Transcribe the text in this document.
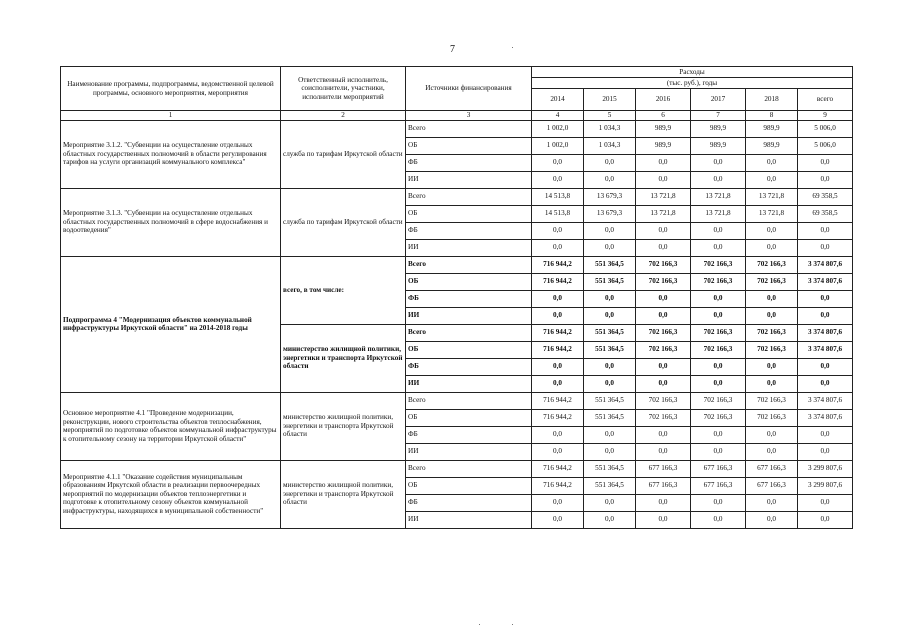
7
Наименование программы, подпрограммы, ведомственной целевой программы, основного мероприятия, мероприятия	Ответственный исполнитель, соисполнители, участники, исполнители мероприятий	Источники финансирования	Расходы					
			(тыс. руб.), годы					
			2014	2015	2016	2017	2018	всего
1	2	3	4	5	6	7	8	9
Мероприятие 3.1.2. "Субвенции на осуществление отдельных областных государственных полномочий в области регулирования тарифов на услуги организаций коммунального комплекса"	служба по тарифам Иркутской области	Всего	1 002,0	1 034,3	989,9	989,9	989,9	5 006,0
		ОБ	1 002,0	1 034,3	989,9	989,9	989,9	5 006,0
		ФБ	0,0	0,0	0,0	0,0	0,0	0,0
		ИИ	0,0	0,0	0,0	0,0	0,0	0,0
Мероприятие 3.1.3. "Субвенции на осуществление отдельных областных государственных полномочий в сфере водоснабжения и водоотведения"	служба по тарифам Иркутской области	Всего	14 513,8	13 679,3	13 721,8	13 721,8	13 721,8	69 358,5
		ОБ	14 513,8	13 679,3	13 721,8	13 721,8	13 721,8	69 358,5
		ФБ	0,0	0,0	0,0	0,0	0,0	0,0
		ИИ	0,0	0,0	0,0	0,0	0,0	0,0
Подпрограмма 4 "Модернизация объектов коммунальной инфраструктуры Иркутской области" на 2014-2018 годы	всего, в том числе:	Всего	716 944,2	551 364,5	702 166,3	702 166,3	702 166,3	3 374 807,6
		ОБ	716 944,2	551 364,5	702 166,3	702 166,3	702 166,3	3 374 807,6
		ФБ	0,0	0,0	0,0	0,0	0,0	0,0
		ИИ	0,0	0,0	0,0	0,0	0,0	0,0
	министерство жилищной политики, энергетики и транспорта Иркутской области	Всего	716 944,2	551 364,5	702 166,3	702 166,3	702 166,3	3 374 807,6
		ОБ	716 944,2	551 364,5	702 166,3	702 166,3	702 166,3	3 374 807,6
		ФБ	0,0	0,0	0,0	0,0	0,0	0,0
		ИИ	0,0	0,0	0,0	0,0	0,0	0,0
Основное мероприятие 4.1 "Проведение модернизации, реконструкции, нового строительства объектов теплоснабжения, мероприятий по подготовке объектов коммунальной инфраструктуры к отопительному сезону на территории Иркутской области"	министерство жилищной политики, энергетики и транспорта Иркутской области	Всего	716 944,2	551 364,5	702 166,3	702 166,3	702 166,3	3 374 807,6
		ОБ	716 944,2	551 364,5	702 166,3	702 166,3	702 166,3	3 374 807,6
		ФБ	0,0	0,0	0,0	0,0	0,0	0,0
		ИИ	0,0	0,0	0,0	0,0	0,0	0,0
Мероприятие 4.1.1 "Оказание содействия муниципальным образованиям Иркутской области в реализации первоочередных мероприятий по модернизации объектов теплоэнергетики и подготовке к отопительному сезону объектов коммунальной инфраструктуры, находящихся в муниципальной собственности"	министерство жилищной политики, энергетики и транспорта Иркутской области	Всего	716 944,2	551 364,5	677 166,3	677 166,3	677 166,3	3 299 807,6
		ОБ	716 944,2	551 364,5	677 166,3	677 166,3	677 166,3	3 299 807,6
		ФБ	0,0	0,0	0,0	0,0	0,0	0,0
		ИИ	0,0	0,0	0,0	0,0	0,0	0,0
